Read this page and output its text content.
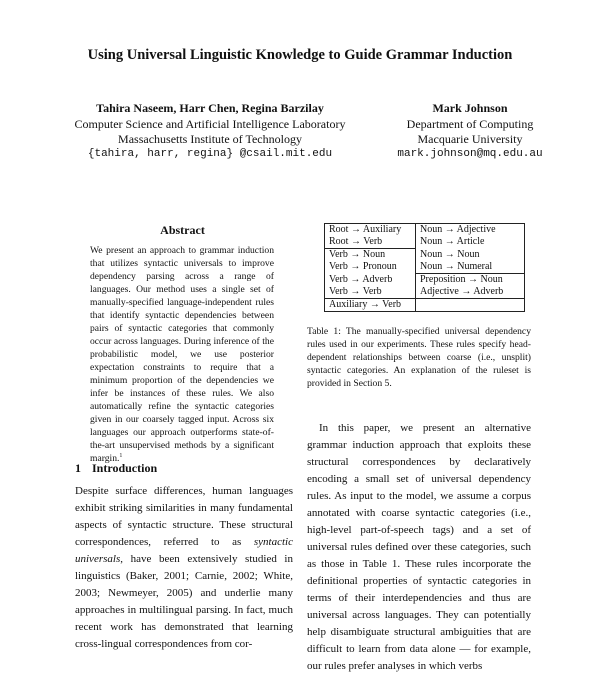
Using Universal Linguistic Knowledge to Guide Grammar Induction
Tahira Naseem, Harr Chen, Regina Barzilay
Computer Science and Artificial Intelligence Laboratory
Massachusetts Institute of Technology
{tahira, harr, regina} @csail.mit.edu
Mark Johnson
Department of Computing
Macquarie University
mark.johnson@mq.edu.au
Abstract
We present an approach to grammar induction that utilizes syntactic universals to improve dependency parsing across a range of languages. Our method uses a single set of manually-specified language-independent rules that identify syntactic dependencies between pairs of syntactic categories that commonly occur across languages. During inference of the probabilistic model, we use posterior expectation constraints to require that a minimum proportion of the dependencies we infer be instances of these rules. We also automatically refine the syntactic categories given in our coarsely tagged input. Across six languages our approach outperforms state-of-the-art unsupervised methods by a significant margin.$^1$
1 Introduction
Despite surface differences, human languages exhibit striking similarities in many fundamental aspects of syntactic structure. These structural correspondences, referred to as syntactic universals, have been extensively studied in linguistics (Baker, 2001; Carnie, 2002; White, 2003; Newmeyer, 2005) and underlie many approaches in multilingual parsing. In fact, much recent work has demonstrated that learning cross-lingual correspondences from cor-
Root → Auxiliary	Noun → Adjective
Root → Verb	Noun → Article
Verb → Noun	Noun → Noun
Verb → Pronoun	Noun → Numeral
Verb → Adverb	Preposition → Noun
Verb → Verb	Adjective → Adverb
Auxiliary → Verb	
Table 1: The manually-specified universal dependency rules used in our experiments. These rules specify head-dependent relationships between coarse (i.e., unsplit) syntactic categories. An explanation of the ruleset is provided in Section 5.
In this paper, we present an alternative grammar induction approach that exploits these structural correspondences by declaratively encoding a small set of universal dependency rules. As input to the model, we assume a corpus annotated with coarse syntactic categories (i.e., high-level part-of-speech tags) and a set of universal rules defined over these categories, such as those in Table 1. These rules incorporate the definitional properties of syntactic categories in terms of their interdependencies and thus are universal across languages. They can potentially help disambiguate structural ambiguities that are difficult to learn from data alone — for example, our rules prefer analyses in which verbs
